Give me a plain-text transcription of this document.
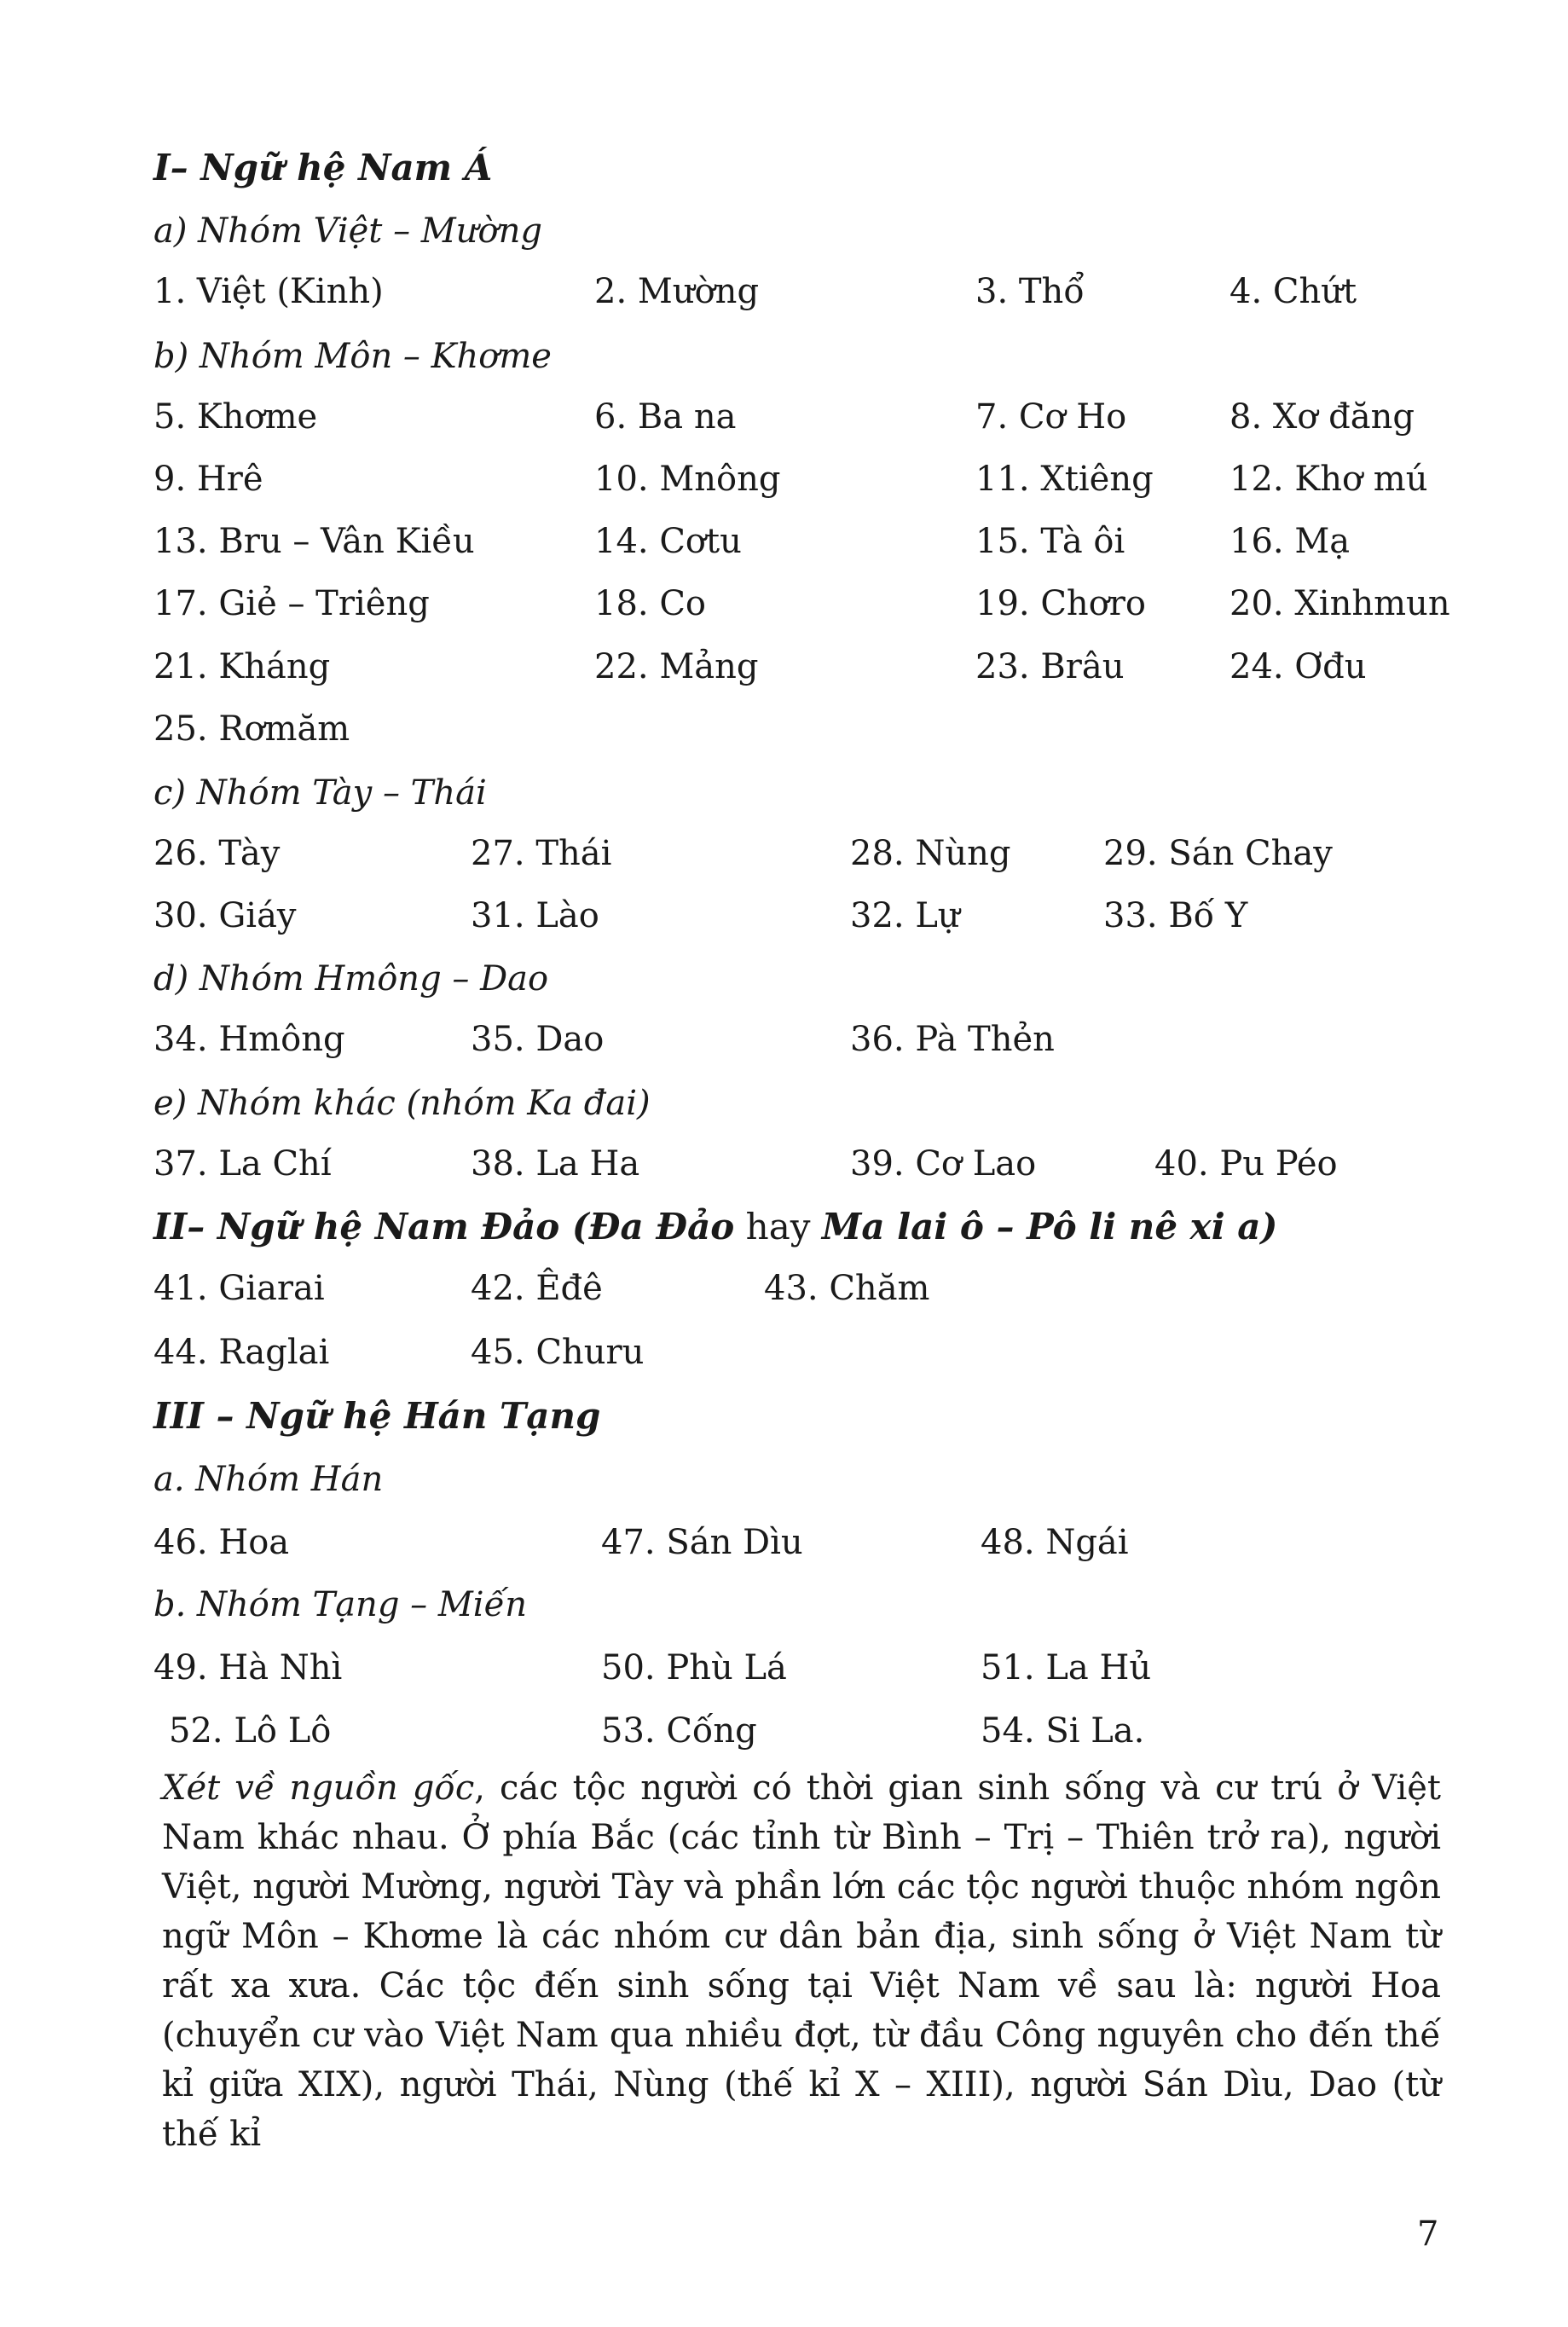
I– Ngữ hệ Nam Á
a) Nhóm Việt – Mường
1. Việt (Kinh)	2. Mường	3. Thổ	4. Chứt
b) Nhóm Môn – Khơme
5. Khơme	6. Ba na	7. Cơ Ho	8. Xơ đăng
9. Hrê	10. Mnông	11. Xtiêng 12. Khơ mú
13. Bru – Vân Kiều	14. Cơtu	15. Tà ôi	16. Mạ
17. Giẻ – Triêng	18. Co	19. Chơro 20. Xinhmun
21. Kháng	22. Mảng	23. Brâu	24. Ơđu
25. Rơmăm
c) Nhóm Tày – Thái
26. Tày	27. Thái	28. Nùng	29. Sán Chay
30. Giáy	31. Lào	32. Lự	33. Bố Y
d) Nhóm Hmông – Dao
34. Hmông	35. Dao	36. Pà Thẻn
e) Nhóm khác (nhóm Ka đai)
37. La Chí	38. La Ha	39. Cơ Lao	40. Pu Péo
II– Ngữ hệ Nam Đảo (Đa Đảo hay Ma lai ô – Pô li nê xi a)
41. Giarai	42. Êđê	43. Chăm
44. Raglai	45. Churu
III – Ngữ hệ Hán Tạng
a. Nhóm Hán
46. Hoa	47. Sán Dìu	48. Ngái
b. Nhóm Tạng – Miến
49. Hà Nhì	50. Phù Lá	51. La Hủ
52. Lô Lô	53. Cống	54. Si La.
Xét về nguồn gốc, các tộc người có thời gian sinh sống và cư trú ở Việt Nam khác nhau. Ở phía Bắc (các tỉnh từ Bình – Trị – Thiên trở ra), người Việt, người Mường, người Tày và phần lớn các tộc người thuộc nhóm ngôn ngữ Môn – Khơme là các nhóm cư dân bản địa, sinh sống ở Việt Nam từ rất xa xưa. Các tộc đến sinh sống tại Việt Nam về sau là: người Hoa (chuyển cư vào Việt Nam qua nhiều đợt, từ đầu Công nguyên cho đến thế kỉ giữa XIX), người Thái, Nùng (thế kỉ X – XIII), người Sán Dìu, Dao (từ thế kỉ
7
